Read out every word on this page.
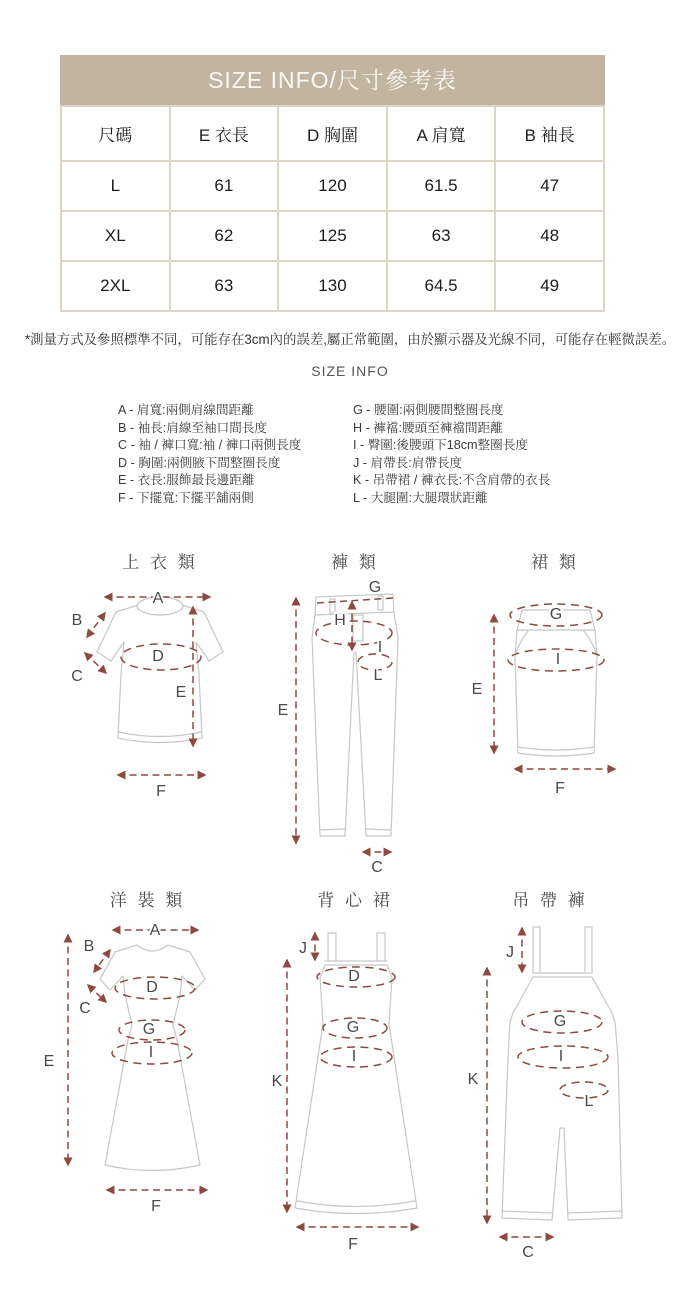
SIZE INFO/尺寸參考表
尺碼	E 衣長	D 胸圍	A 肩寬	B 袖長
L	61	120	61.5	47
XL	62	125	63	48
2XL	63	130	64.5	49
*測量方式及參照標準不同，可能存在3cm內的誤差,屬正常範圍，由於顯示器及光線不同，可能存在輕微誤差。
SIZE INFO
A - 肩寬:兩側肩線間距離
B - 袖長:肩線至袖口間長度
C - 袖 / 褲口寬:袖 / 褲口兩側長度
D - 胸圍:兩側腋下間整圈長度
E - 衣長:服飾最長邊距離
F - 下擺寬:下擺平舖兩側
G - 腰圍:兩側腰間整圈長度
H - 褲襠:腰頭至褲襠間距離
I - 臀圍:後腰頭下18cm整圈長度
J - 肩帶長:肩帶長度
K - 吊帶裙 / 褲衣長:不含肩帶的衣長
L - 大腿圍:大腿環狀距離
上 衣 類
A
B
C
D
E
F
褲 類
G
H
I
L
E
C
裙 類
G
I
E
F
洋 裝 類
A
B
C
D
G
I
E
F
背 心 裙
J
D
G
I
K
F
吊 帶 褲
J
G
I
L
K
C
